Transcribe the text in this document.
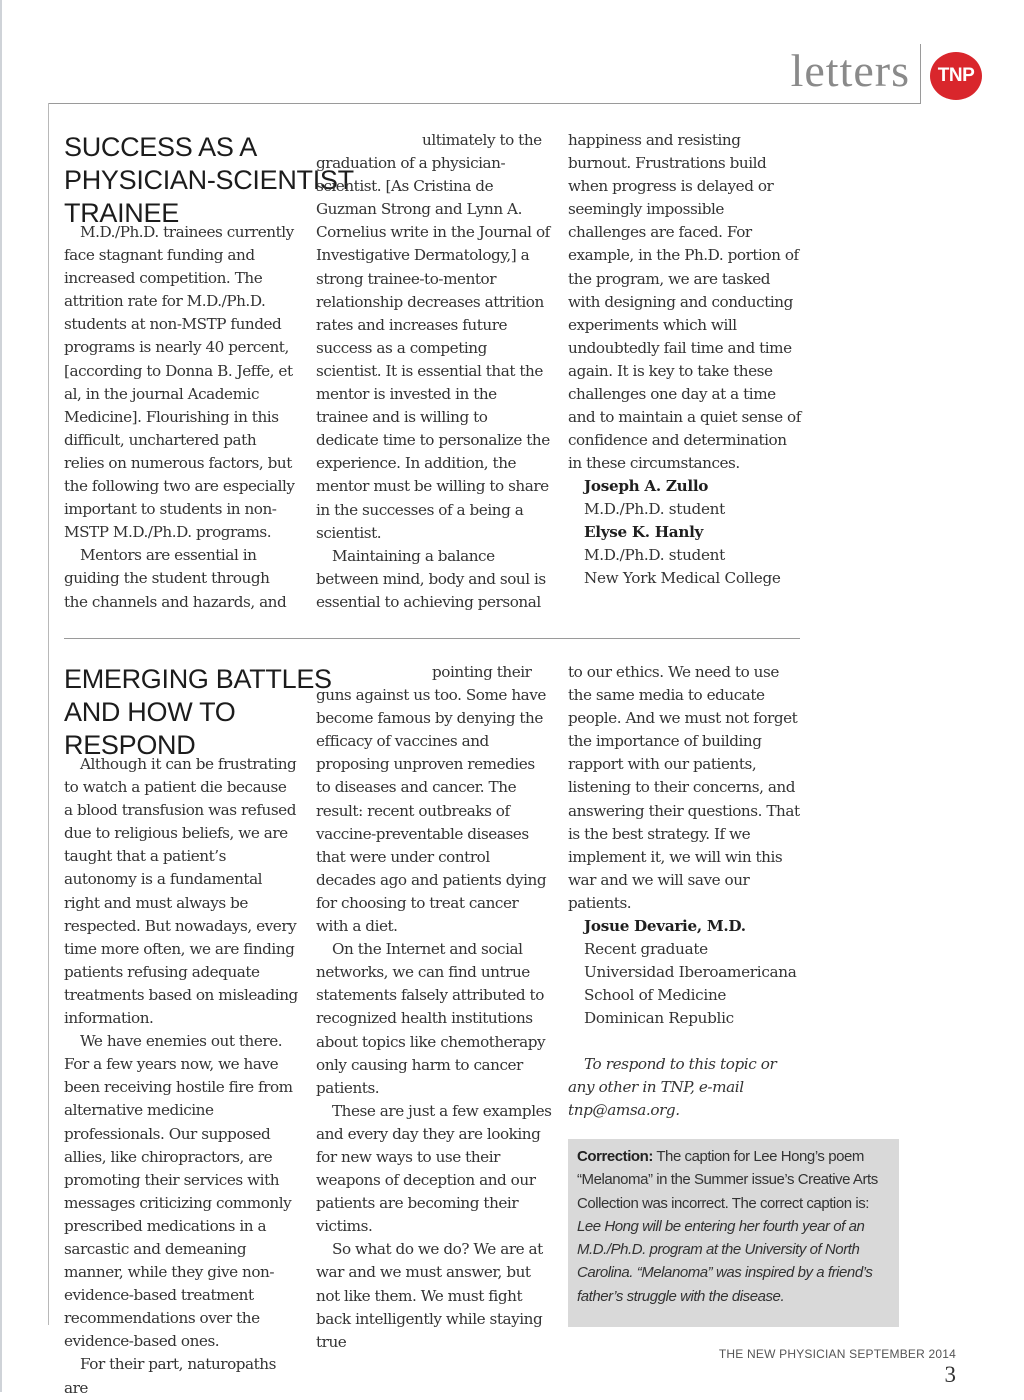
letters	TNP
SUCCESS AS A PHYSICIAN-SCIENTIST TRAINEE

M.D./Ph.D. trainees currently face stagnant funding and increased competition. The attrition rate for M.D./Ph.D. students at non-MSTP funded programs is nearly 40 percent, [according to Donna B. Jeffe, et al, in the journal Academic Medicine]. Flourishing in this difficult, unchartered path relies on numerous factors, but the following two are especially important to students in non-MSTP M.D./Ph.D. programs.

Mentors are essential in guiding the student through the channels and hazards, and

ultimately to the graduation of a physician-scientist. [As Cristina de Guzman Strong and Lynn A. Cornelius write in the Journal of Investigative Dermatology,] a strong trainee-to-mentor relationship decreases attrition rates and increases future success as a competing scientist. It is essential that the mentor is invested in the trainee and is willing to dedicate time to personalize the experience. In addition, the mentor must be willing to share in the successes of a being a scientist.

Maintaining a balance between mind, body and soul is essential to achieving personal

happiness and resisting burnout. Frustrations build when progress is delayed or seemingly impossible challenges are faced. For example, in the Ph.D. portion of the program, we are tasked with designing and conducting experiments which will undoubtedly fail time and time again. It is key to take these challenges one day at a time and to maintain a quiet sense of confidence and determination in these circumstances.

Joseph A. Zullo
M.D./Ph.D. student
Elyse K. Hanly
M.D./Ph.D. student
New York Medical College
EMERGING BATTLES AND HOW TO RESPOND

Although it can be frustrating to watch a patient die because a blood transfusion was refused due to religious beliefs, we are taught that a patient’s autonomy is a fundamental right and must always be respected. But nowadays, every time more often, we are finding patients refusing adequate treatments based on misleading information.

We have enemies out there. For a few years now, we have been receiving hostile fire from alternative medicine professionals. Our supposed allies, like chiropractors, are promoting their services with messages criticizing commonly prescribed medications in a sarcastic and demeaning manner, while they give non-evidence-based treatment recommendations over the evidence-based ones.

For their part, naturopaths are

pointing their guns against us too. Some have become famous by denying the efficacy of vaccines and proposing unproven remedies to diseases and cancer. The result: recent outbreaks of vaccine-preventable diseases that were under control decades ago and patients dying for choosing to treat cancer with a diet.

On the Internet and social networks, we can find untrue statements falsely attributed to recognized health institutions about topics like chemotherapy only causing harm to cancer patients.

These are just a few examples and every day they are looking for new ways to use their weapons of deception and our patients are becoming their victims.

So what do we do? We are at war and we must answer, but not like them. We must fight back intelligently while staying true

to our ethics. We need to use the same media to educate people. And we must not forget the importance of building rapport with our patients, listening to their concerns, and answering their questions. That is the best strategy. If we implement it, we will win this war and we will save our patients.

Josue Devarie, M.D.
Recent graduate
Universidad Iberoamericana
School of Medicine
Dominican Republic
To respond to this topic or any other in TNP, e-mail tnp@amsa.org.
Correction: The caption for Lee Hong’s poem “Melanoma” in the Summer issue’s Creative Arts Collection was incorrect. The correct caption is: Lee Hong will be entering her fourth year of an M.D./Ph.D. program at the University of North Carolina. “Melanoma” was inspired by a friend’s father’s struggle with the disease.
THE NEW PHYSICIAN SEPTEMBER 2014 3
